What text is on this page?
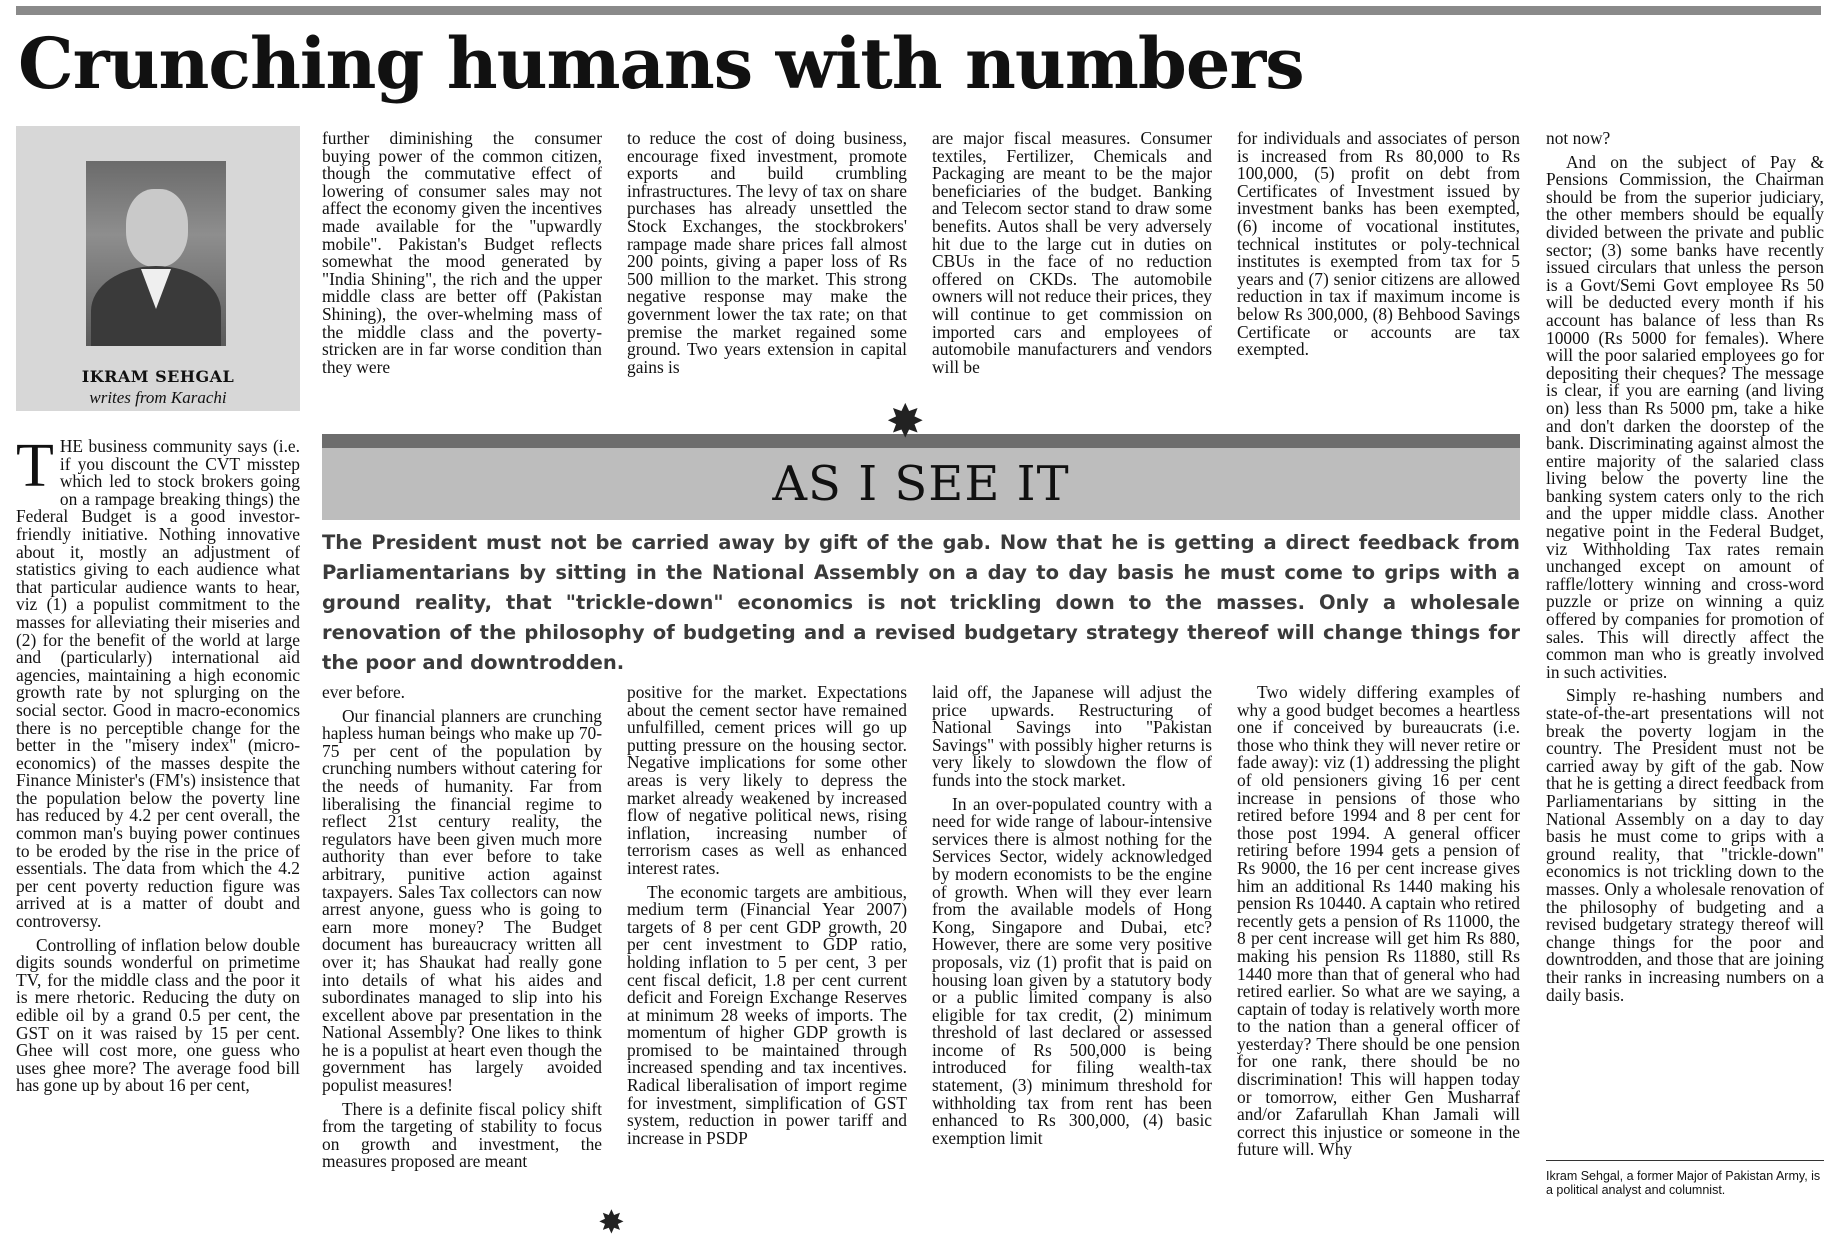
Crunching humans with numbers
IKRAM SEHGAL
writes from Karachi

THE business community says (i.e. if you discount the CVT misstep which led to stock brokers going on a rampage breaking things) the Federal Budget is a good investor-friendly initiative. Nothing innovative about it, mostly an adjustment of statistics giving to each audience what that particular audience wants to hear, viz (1) a populist commitment to the masses for alleviating their miseries and (2) for the benefit of the world at large and (particularly) international aid agencies, maintaining a high economic growth rate by not splurging on the social sector. Good in macro-economics there is no perceptible change for the better in the "misery index" (micro-economics) of the masses despite the Finance Minister's (FM's) insistence that the population below the poverty line has reduced by 4.2 per cent overall, the common man's buying power continues to be eroded by the rise in the price of essentials. The data from which the 4.2 per cent poverty reduction figure was arrived at is a matter of doubt and controversy.

Controlling of inflation below double digits sounds wonderful on primetime TV, for the middle class and the poor it is mere rhetoric. Reducing the duty on edible oil by a grand 0.5 per cent, the GST on it was raised by 15 per cent. Ghee will cost more, one guess who uses ghee more? The average food bill has gone up by about 16 per cent,

further diminishing the consumer buying power of the common citizen, though the commutative effect of lowering of consumer sales may not affect the economy given the incentives made available for the "upwardly mobile". Pakistan's Budget reflects somewhat the mood generated by "India Shining", the rich and the upper middle class are better off (Pakistan Shining), the over-whelming mass of the middle class and the poverty-stricken are in far worse condition than they were

to reduce the cost of doing business, encourage fixed investment, promote exports and build crumbling infrastructures. The levy of tax on share purchases has already unsettled the Stock Exchanges, the stockbrokers' rampage made share prices fall almost 200 points, giving a paper loss of Rs 500 million to the market. This strong negative response may make the government lower the tax rate; on that premise the market regained some ground. Two years extension in capital gains is

are major fiscal measures. Consumer textiles, Fertilizer, Chemicals and Packaging are meant to be the major beneficiaries of the budget. Banking and Telecom sector stand to draw some benefits. Autos shall be very adversely hit due to the large cut in duties on CBUs in the face of no reduction offered on CKDs. The automobile owners will not reduce their prices, they will continue to get commission on imported cars and employees of automobile manufacturers and vendors will be

for individuals and associates of person is increased from Rs 80,000 to Rs 100,000, (5) profit on debt from Certificates of Investment issued by investment banks has been exempted, (6) income of vocational institutes, technical institutes or poly-technical institutes is exempted from tax for 5 years and (7) senior citizens are allowed reduction in tax if maximum income is below Rs 300,000, (8) Behbood Savings Certificate or accounts are tax exempted.

✸
AS I SEE IT
The President must not be carried away by gift of the gab. Now that he is getting a direct feedback from Parliamentarians by sitting in the National Assembly on a day to day basis he must come to grips with a ground reality, that "trickle-down" economics is not trickling down to the masses. Only a wholesale renovation of the philosophy of budgeting and a revised budgetary strategy thereof will change things for the poor and downtrodden.

ever before.

Our financial planners are crunching hapless human beings who make up 70-75 per cent of the population by crunching numbers without catering for the needs of humanity. Far from liberalising the financial regime to reflect 21st century reality, the regulators have been given much more authority than ever before to take arbitrary, punitive action against taxpayers. Sales Tax collectors can now arrest anyone, guess who is going to earn more money? The Budget document has bureaucracy written all over it; has Shaukat had really gone into details of what his aides and subordinates managed to slip into his excellent above par presentation in the National Assembly? One likes to think he is a populist at heart even though the government has largely avoided populist measures!

There is a definite fiscal policy shift from the targeting of stability to focus on growth and investment, the measures proposed are meant

positive for the market. Expectations about the cement sector have remained unfulfilled, cement prices will go up putting pressure on the housing sector. Negative implications for some other areas is very likely to depress the market already weakened by increased flow of negative political news, rising inflation, increasing number of terrorism cases as well as enhanced interest rates.

The economic targets are ambitious, medium term (Financial Year 2007) targets of 8 per cent GDP growth, 20 per cent investment to GDP ratio, holding inflation to 5 per cent, 3 per cent fiscal deficit, 1.8 per cent current deficit and Foreign Exchange Reserves at minimum 28 weeks of imports. The momentum of higher GDP growth is promised to be maintained through increased spending and tax incentives. Radical liberalisation of import regime for investment, simplification of GST system, reduction in power tariff and increase in PSDP

laid off, the Japanese will adjust the price upwards. Restructuring of National Savings into "Pakistan Savings" with possibly higher returns is very likely to slowdown the flow of funds into the stock market.

In an over-populated country with a need for wide range of labour-intensive services there is almost nothing for the Services Sector, widely acknowledged by modern economists to be the engine of growth. When will they ever learn from the available models of Hong Kong, Singapore and Dubai, etc? However, there are some very positive proposals, viz (1) profit that is paid on housing loan given by a statutory body or a public limited company is also eligible for tax credit, (2) minimum threshold of last declared or assessed income of Rs 500,000 is being introduced for filing wealth-tax statement, (3) minimum threshold for withholding tax from rent has been enhanced to Rs 300,000, (4) basic exemption limit

Two widely differing examples of why a good budget becomes a heartless one if conceived by bureaucrats (i.e. those who think they will never retire or fade away): viz (1) addressing the plight of old pensioners giving 16 per cent increase in pensions of those who retired before 1994 and 8 per cent for those post 1994. A general officer retiring before 1994 gets a pension of Rs 9000, the 16 per cent increase gives him an additional Rs 1440 making his pension Rs 10440. A captain who retired recently gets a pension of Rs 11000, the 8 per cent increase will get him Rs 880, making his pension Rs 11880, still Rs 1440 more than that of general who had retired earlier. So what are we saying, a captain of today is relatively worth more to the nation than a general officer of yesterday? There should be one pension for one rank, there should be no discrimination! This will happen today or tomorrow, either Gen Musharraf and/or Zafarullah Khan Jamali will correct this injustice or someone in the future will. Why

not now?

And on the subject of Pay & Pensions Commission, the Chairman should be from the superior judiciary, the other members should be equally divided between the private and public sector; (3) some banks have recently issued circulars that unless the person is a Govt/Semi Govt employee Rs 50 will be deducted every month if his account has balance of less than Rs 10000 (Rs 5000 for females). Where will the poor salaried employees go for depositing their cheques? The message is clear, if you are earning (and living on) less than Rs 5000 pm, take a hike and don't darken the doorstep of the bank. Discriminating against almost the entire majority of the salaried class living below the poverty line the banking system caters only to the rich and the upper middle class. Another negative point in the Federal Budget, viz Withholding Tax rates remain unchanged except on amount of raffle/lottery winning and cross-word puzzle or prize on winning a quiz offered by companies for promotion of sales. This will directly affect the common man who is greatly involved in such activities.

Simply re-hashing numbers and state-of-the-art presentations will not break the poverty logjam in the country. The President must not be carried away by gift of the gab. Now that he is getting a direct feedback from Parliamentarians by sitting in the National Assembly on a day to day basis he must come to grips with a ground reality, that "trickle-down" economics is not trickling down to the masses. Only a wholesale renovation of the philosophy of budgeting and a revised budgetary strategy thereof will change things for the poor and downtrodden, and those that are joining their ranks in increasing numbers on a daily basis.

Ikram Sehgal, a former Major of Pakistan Army, is a political analyst and columnist.
✸
